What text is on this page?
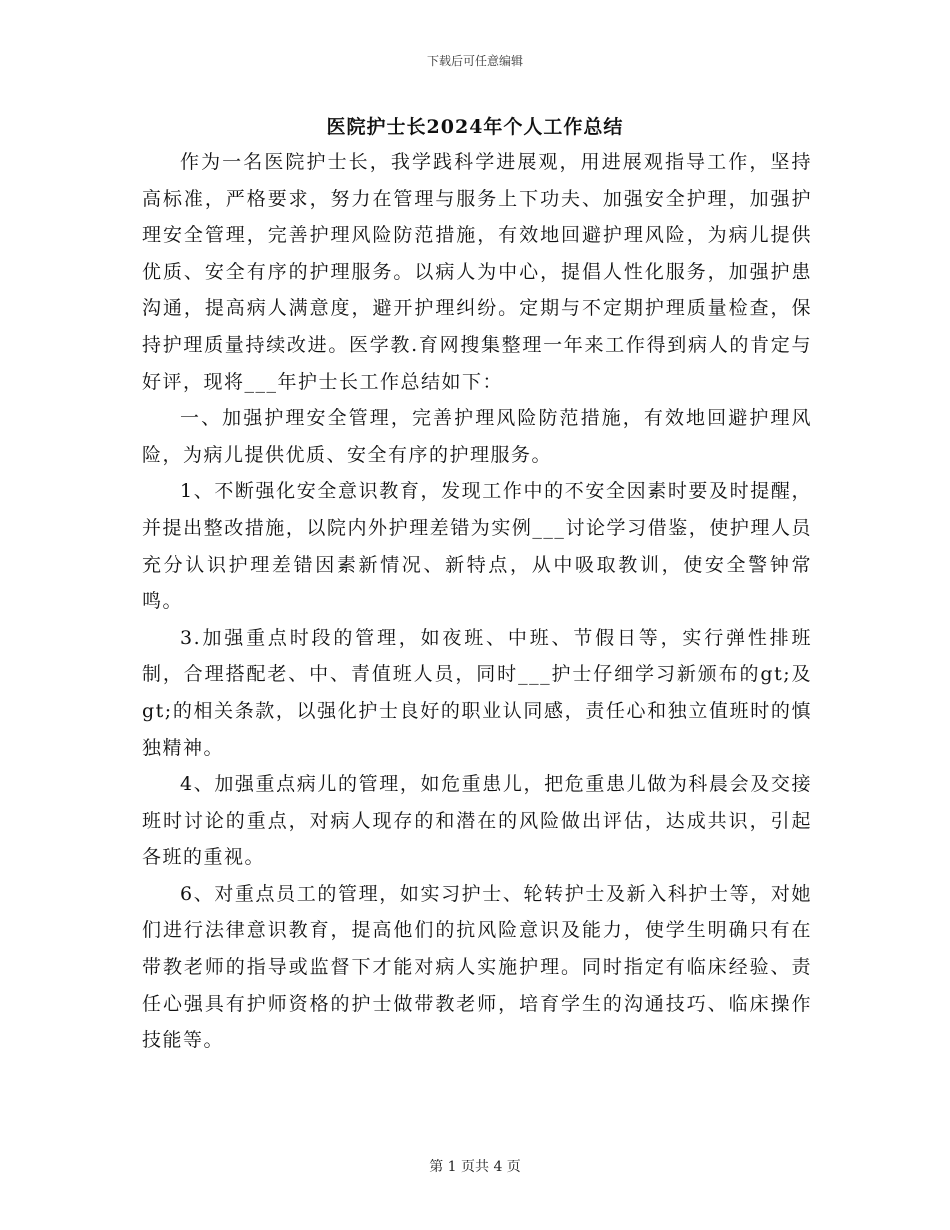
下载后可任意编辑
医院护士长2024年个人工作总结

作为一名医院护士长，我学践科学进展观，用进展观指导工作，坚持高标准，严格要求，努力在管理与服务上下功夫、加强安全护理，加强护理安全管理，完善护理风险防范措施，有效地回避护理风险，为病儿提供优质、安全有序的护理服务。以病人为中心，提倡人性化服务，加强护患沟通，提高病人满意度，避开护理纠纷。定期与不定期护理质量检查，保持护理质量持续改进。医学教.育网搜集整理一年来工作得到病人的肯定与好评，现将___年护士长工作总结如下：

一、加强护理安全管理，完善护理风险防范措施，有效地回避护理风险，为病儿提供优质、安全有序的护理服务。

1、不断强化安全意识教育，发现工作中的不安全因素时要及时提醒，并提出整改措施，以院内外护理差错为实例___讨论学习借鉴，使护理人员充分认识护理差错因素新情况、新特点，从中吸取教训，使安全警钟常鸣。

3.加强重点时段的管理，如夜班、中班、节假日等，实行弹性排班制，合理搭配老、中、青值班人员，同时___护士仔细学习新颁布的gt;及gt;的相关条款，以强化护士良好的职业认同感，责任心和独立值班时的慎独精神。

4、加强重点病儿的管理，如危重患儿，把危重患儿做为科晨会及交接班时讨论的重点，对病人现存的和潜在的风险做出评估，达成共识，引起各班的重视。

6、对重点员工的管理，如实习护士、轮转护士及新入科护士等，对她们进行法律意识教育，提高他们的抗风险意识及能力，使学生明确只有在带教老师的指导或监督下才能对病人实施护理。同时指定有临床经验、责任心强具有护师资格的护士做带教老师，培育学生的沟通技巧、临床操作技能等。

第 1 页共 4 页
